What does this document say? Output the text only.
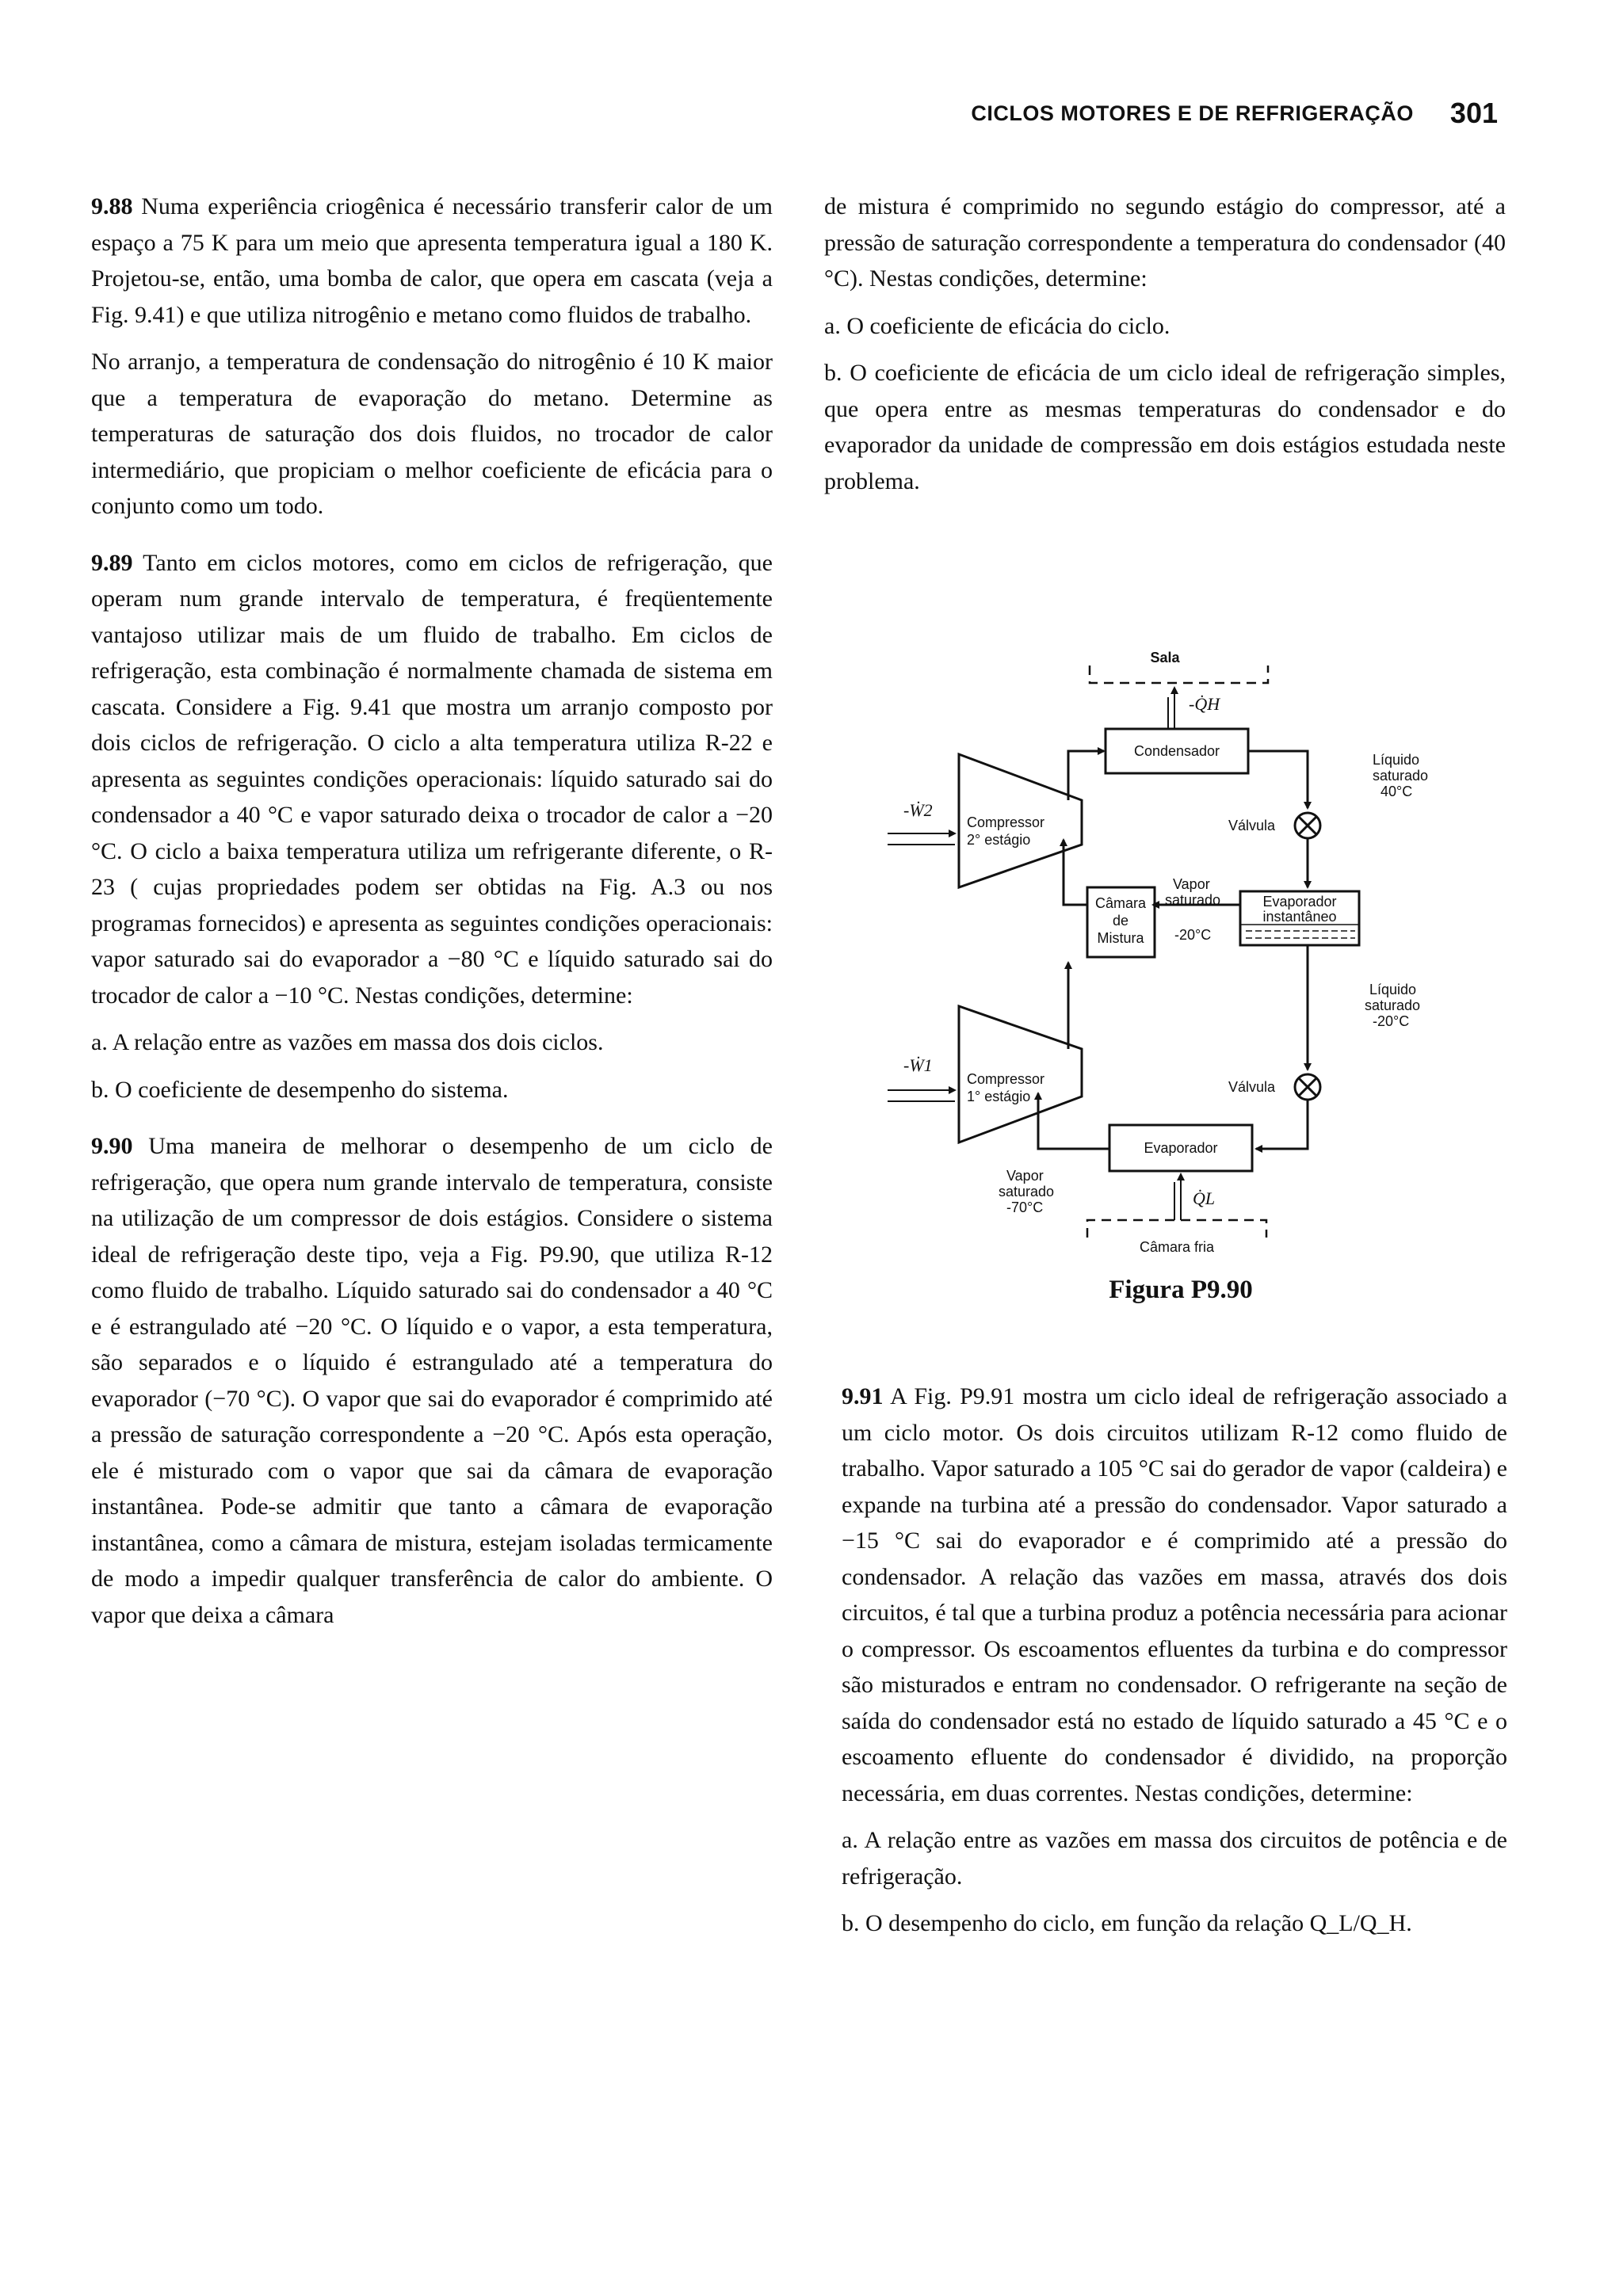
CICLOS MOTORES E DE REFRIGERAÇÃO 301

9.88 Numa experiência criogênica é necessário transferir calor de um espaço a 75 K para um meio que apresenta temperatura igual a 180 K. Projetou-se, então, uma bomba de calor, que opera em cascata (veja a Fig. 9.41) e que utiliza nitrogênio e metano como fluidos de trabalho.

No arranjo, a temperatura de condensação do nitrogênio é 10 K maior que a temperatura de evaporação do metano. Determine as temperaturas de saturação dos dois fluidos, no trocador de calor intermediário, que propiciam o melhor coeficiente de eficácia para o conjunto como um todo.

9.89 Tanto em ciclos motores, como em ciclos de refrigeração, que operam num grande intervalo de temperatura, é freqüentemente vantajoso utilizar mais de um fluido de trabalho. Em ciclos de refrigeração, esta combinação é normalmente chamada de sistema em cascata. Considere a Fig. 9.41 que mostra um arranjo composto por dois ciclos de refrigeração. O ciclo a alta temperatura utiliza R-22 e apresenta as seguintes condições operacionais: líquido saturado sai do condensador a 40 °C e vapor saturado deixa o trocador de calor a −20 °C. O ciclo a baixa temperatura utiliza um refrigerante diferente, o R-23 ( cujas propriedades podem ser obtidas na Fig. A.3 ou nos programas fornecidos) e apresenta as seguintes condições operacionais: vapor saturado sai do evaporador a −80 °C e líquido saturado sai do trocador de calor a −10 °C. Nestas condições, determine:

a. A relação entre as vazões em massa dos dois ciclos.

b. O coeficiente de desempenho do sistema.

9.90 Uma maneira de melhorar o desempenho de um ciclo de refrigeração, que opera num grande intervalo de temperatura, consiste na utilização de um compressor de dois estágios. Considere o sistema ideal de refrigeração deste tipo, veja a Fig. P9.90, que utiliza R-12 como fluido de trabalho. Líquido saturado sai do condensador a 40 °C e é estrangulado até −20 °C. O líquido e o vapor, a esta temperatura, são separados e o líquido é estrangulado até a temperatura do evaporador (−70 °C). O vapor que sai do evaporador é comprimido até a pressão de saturação correspondente a −20 °C. Após esta operação, ele é misturado com o vapor que sai da câmara de evaporação instantânea. Pode-se admitir que tanto a câmara de evaporação instantânea, como a câmara de mistura, estejam isoladas termicamente de modo a impedir qualquer transferência de calor do ambiente. O vapor que deixa a câmara

de mistura é comprimido no segundo estágio do compressor, até a pressão de saturação correspondente a temperatura do condensador (40 °C). Nestas condições, determine:

a. O coeficiente de eficácia do ciclo.

b. O coeficiente de eficácia de um ciclo ideal de refrigeração simples, que opera entre as mesmas temperaturas do condensador e do evaporador da unidade de compressão em dois estágios estudada neste problema.

Sala
-Q̇H
Condensador
Líquido
saturado
40°C
-Ẇ2
Compressor
2° estágio
Válvula
Vapor
saturado
Câmara
de
Mistura -20°C
Evaporador
instantâneo
Líquido
saturado
-20°C
-Ẇ1
Compressor
1° estágio
Válvula
Evaporador
Vapor
saturado
-70°C	Q̇L
Câmara fria
Figura P9.90

9.91 A Fig. P9.91 mostra um ciclo ideal de refrigeração associado a um ciclo motor. Os dois circuitos utilizam R-12 como fluido de trabalho. Vapor saturado a 105 °C sai do gerador de vapor (caldeira) e expande na turbina até a pressão do condensador. Vapor saturado a −15 °C sai do evaporador e é comprimido até a pressão do condensador. A relação das vazões em massa, através dos dois circuitos, é tal que a turbina produz a potência necessária para acionar o compressor. Os escoamentos efluentes da turbina e do compressor são misturados e entram no condensador. O refrigerante na seção de saída do condensador está no estado de líquido saturado a 45 °C e o escoamento efluente do condensador é dividido, na proporção necessária, em duas correntes. Nestas condições, determine:

a. A relação entre as vazões em massa dos circuitos de potência e de refrigeração.

b. O desempenho do ciclo, em função da relação Q_L/Q_H.
